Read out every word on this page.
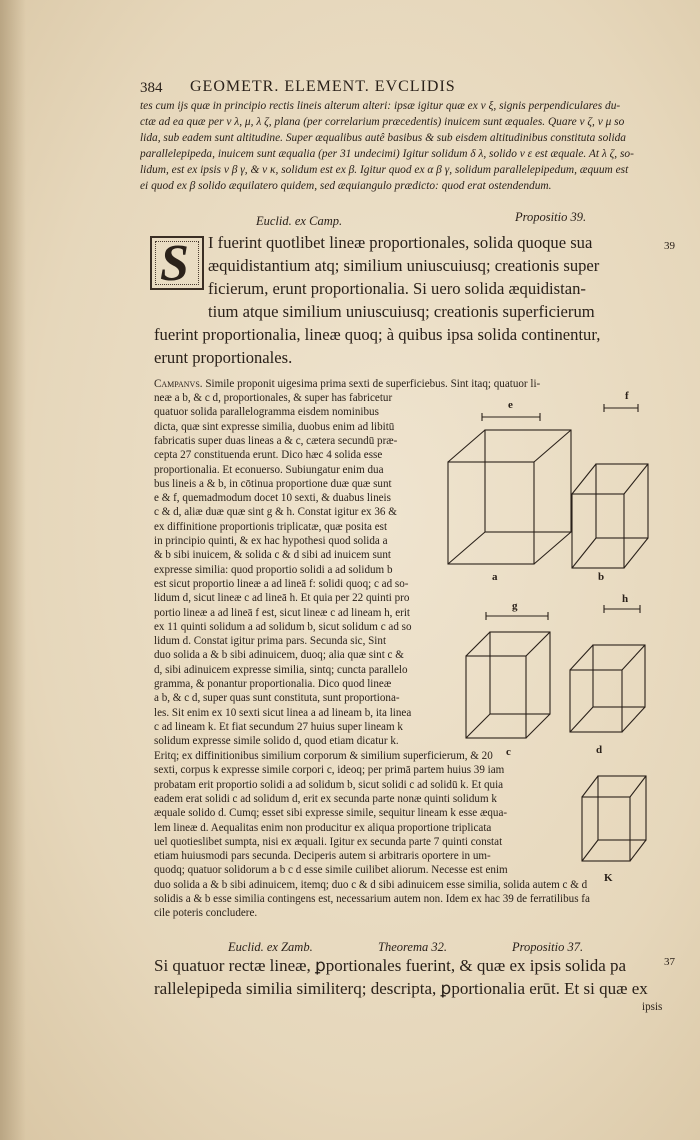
384 GEOMETR. ELEMENT. EVCLIDIS
tes cum ijs quæ in principio rectis lineis alterum alteri: ipsæ igitur quæ ex ν ξ, signis perpendiculares du-
ctæ ad ea quæ per ν λ, μ, λ ζ, plana (per correlarium præcedentis) inuicem sunt æquales. Quare ν ζ, ν μ so
lida, sub eadem sunt altitudine. Super æqualibus autê basibus & sub eisdem altitudinibus constituta solida
parallelepipeda, inuicem sunt æqualia (per 31 undecimi) Igitur solidum δ λ, solido ν ε est æquale. At λ ζ, so-
lidum, est ex ipsis ν β γ, & ν κ, solidum est ex β. Igitur quod ex α β γ, solidum parallelepipedum, æquum est
ei quod ex β solido æquilatero quidem, sed æquiangulo prædicto: quod erat ostendendum.
Euclid. ex Camp.	Propositio 39.
S I fuerint quotlibet lineæ proportionales, solida quoque sua
æquidistantium atq; similium uniuscuiusq; creationis super
ficierum, erunt proportionalia. Si uero solida æquidistan-
tium atque similium uniuscuiusq; creationis superficierum
fuerint proportionalia, lineæ quoq; à quibus ipsa solida continentur,
erunt proportionales.
39
Campanvs. Simile proponit uigesima prima sexti de superficiebus. Sint itaq; quatuor li-
neæ a b, & c d, proportionales, & super has fabricetur
quatuor solida parallelogramma eisdem nominibus
dicta, quæ sint expresse similia, duobus enim ad libitū
fabricatis super duas lineas a & c, cætera secundū præ-
cepta 27 constituenda erunt. Dico hæc 4 solida esse
proportionalia. Et econuerso. Subiungatur enim dua
bus lineis a & b, in cōtinua proportione duæ quæ sunt
e & f, quemadmodum docet 10 sexti, & duabus lineis
c & d, aliæ duæ quæ sint g & h. Constat igitur ex 36 &
ex diffinitione proportionis triplicatæ, quæ posita est
in principio quinti, & ex hac hypothesi quod solida a
& b sibi inuicem, & solida c & d sibi ad inuicem sunt
expresse similia: quod proportio solidi a ad solidum b
est sicut proportio lineæ a ad lineā f: solidi quoq; c ad so-
lidum d, sicut lineæ c ad lineā h. Et quia per 22 quinti pro
portio lineæ a ad lineā f est, sicut lineæ c ad lineam h, erit
ex 11 quinti solidum a ad solidum b, sicut solidum c ad so
lidum d. Constat igitur prima pars. Secunda sic, Sint
duo solida a & b sibi adinuicem, duoq; alia quæ sint c &
d, sibi adinuicem expresse similia, sintq; cuncta parallelo
gramma, & ponantur proportionalia. Dico quod lineæ
a b, & c d, super quas sunt constituta, sunt proportiona-
les. Sit enim ex 10 sexti sicut linea a ad lineam b, ita linea
c ad lineam k. Et fiat secundum 27 huius super lineam k
solidum expresse simile solido d, quod etiam dicatur k.
Eritq; ex diffinitionibus similium corporum & similium superficierum, & 20
sexti, corpus k expresse simile corpori c, ideoq; per primā partem huius 39 iam
probatam erit proportio solidi a ad solidum b, sicut solidi c ad solidū k. Et quia
eadem erat solidi c ad solidum d, erit ex secunda parte nonæ quinti solidum k
æquale solido d. Cumq; esset sibi expresse simile, sequitur lineam k esse æqua-
lem lineæ d. Aequalitas enim non producitur ex aliqua proportione triplicata
uel quotieslibet sumpta, nisi ex æquali. Igitur ex secunda parte 7 quinti constat
etiam huiusmodi pars secunda. Deciperis autem si arbitraris oportere in um-
quodq; quatuor solidorum a b c d esse simile cuilibet aliorum. Necesse est enim
duo solida a & b sibi adinuicem, itemq; duo c & d sibi adinuicem esse similia, solida autem c & d
solidis a & b esse similia contingens est, necessarium autem non. Idem ex hac 39 de ferratilibus fa
cile poteris concludere.
Euclid. ex Zamb.	Theorema 32.	Propositio 37.
Si quatuor rectæ lineæ, ꝑportionales fuerint, & quæ ex ipsis solida pa
rallelepipeda similia similiterq; descripta, ꝑportionalia erūt. Et si quæ ex
37
ipsis
e
f
a	b
g
h
c	d
K
